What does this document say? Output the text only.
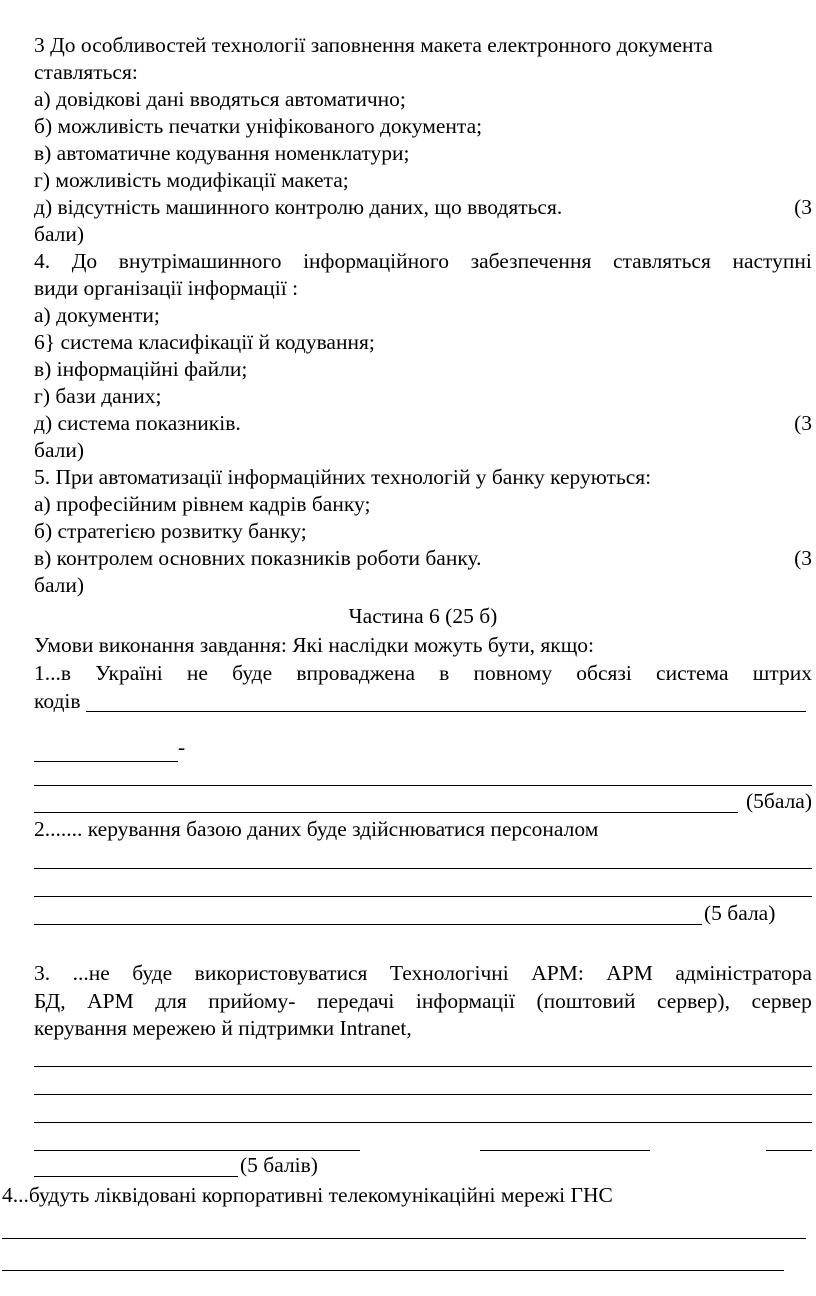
3 До особливостей технології заповнення макета електронного документа
ставляться:
а) довідкові дані вводяться автоматично;
б) можливість печатки уніфікованого документа;
в) автоматичне кодування номенклатури;
г) можливість модифікації макета;
д) відсутність машинного контролю даних, що вводяться.	(3
бали)
4. До внутрімашинного інформаційного забезпечення ставляться наступні
види організації інформації :
а) документи;
6} система класифікації й кодування;
в) інформаційні файли;
г) бази даних;
д) система показників.	(3
бали)
5. При автоматизації інформаційних технологій у банку керуються:
а) професійним рівнем кадрів банку;
б) стратегією розвитку банку;
в) контролем основних показників роботи банку.	(3
бали)
Частина 6 (25 б)
Умови виконання завдання: Які наслідки можуть бути, якщо:
1...в Україні не буде впроваджена в повному обсязі система штрих
кодів
-
(5бала)
2....... керування базою даних буде здійснюватися персоналом
(5 бала)
3. ...не буде використовуватися Технологічні АРМ: АРМ адміністратора
БД, АРМ для прийому- передачі інформації (поштовий сервер), сервер
керування мережею й підтримки Intranet,
(5 балів)
4...будуть ліквідовані корпоративні телекомунікаційні мережі ГНС
